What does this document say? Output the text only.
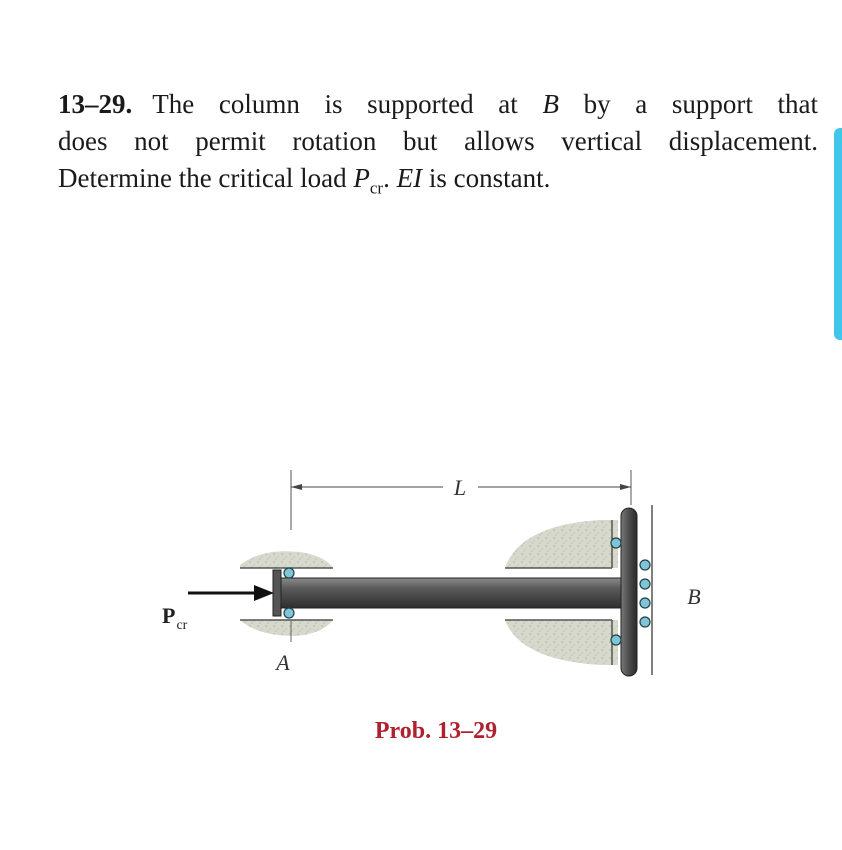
13–29. The column is supported at B by a support that
does not permit rotation but allows vertical displacement.
Determine the critical load $P_{cr}$. EI is constant.
L
$P_{cr}$
A
B
Prob. 13–29
